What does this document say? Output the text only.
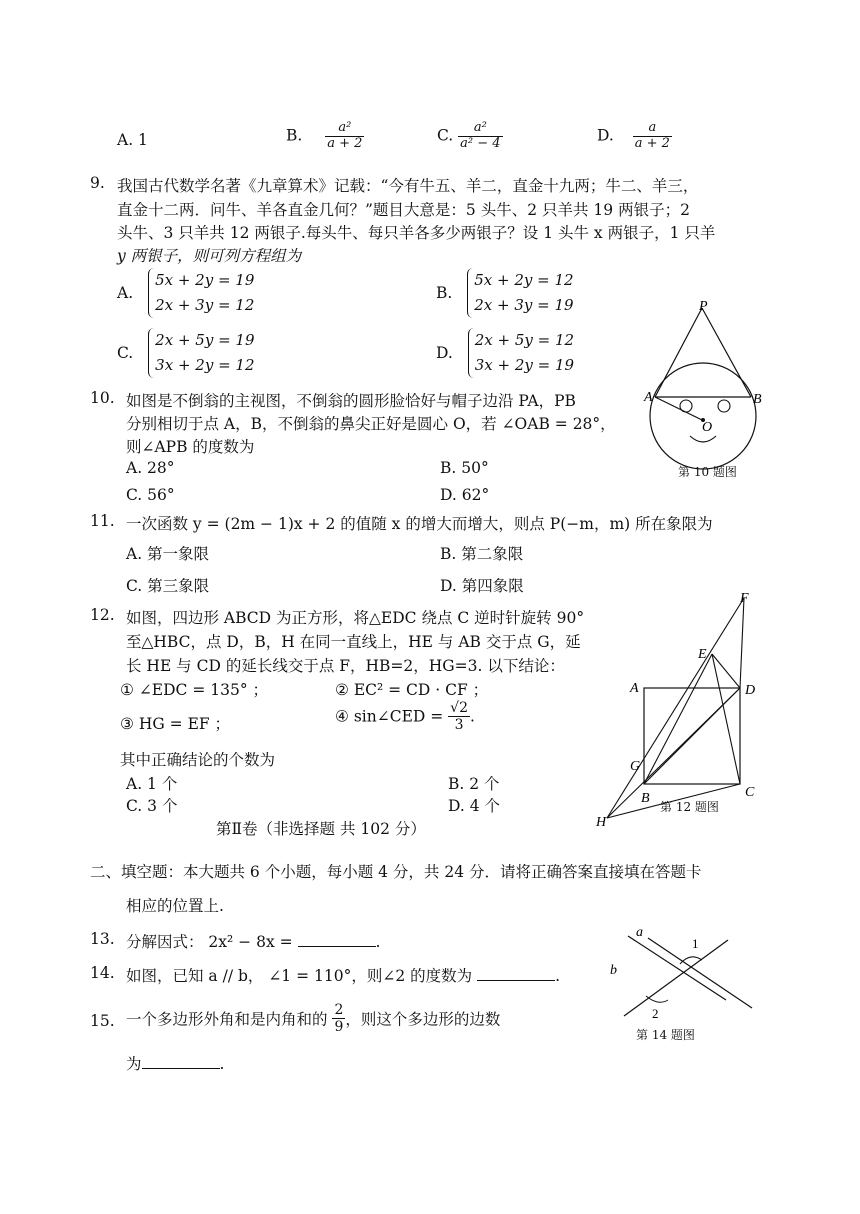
A. 1	B. $\frac{\text{a²}}{a + 2}$	C. $\frac{\text{a²}}{\text{a² − 4}}$	D. $\frac{a}{a + 2}$
9. 我国古代数学名著《九章算术》记载：“今有牛五、羊二，直金十九两；牛二、羊三，
直金十二两．问牛、羊各直金几何？”题目大意是：5 头牛、2 只羊共 19 两银子；2
头牛、3 只羊共 12 两银子.每头牛、每只羊各多少两银子？设 1 头牛 x 两银子，1 只羊
y 两银子，则可列方程组为
A. 5x + 2y = 19
2x + 3y = 12
B. 5x + 2y = 12
2x + 3y = 19
C. 2x + 5y = 19
3x + 2y = 12
D. 2x + 5y = 12
3x + 2y = 19
10. 如图是不倒翁的主视图，不倒翁的圆形脸恰好与帽子边沿 PA，PB
分别相切于点 A，B，不倒翁的鼻尖正好是圆心 O，若 ∠OAB = 28°，
则∠APB 的度数为
A. 28°	B. 50°
C. 56°	D. 62°
P
A	B
O
第 10 题图
11. 一次函数 y = (2m − 1)x + 2 的值随 x 的增大而增大，则点 P(−m，m) 所在象限为
A. 第一象限	B. 第二象限
C. 第三象限	D. 第四象限
12. 如图，四边形 ABCD 为正方形，将△EDC 绕点 C 逆时针旋转 90°
至△HBC，点 D，B，H 在同一直线上，HE 与 AB 交于点 G，延
长 HE 与 CD 的延长线交于点 F，HB=2，HG=3. 以下结论：
① ∠EDC = 135° ；	② EC² = CD · CF ；
③ HG = EF ；	④ sin∠CED = $\frac{√2}{3}$ .
其中正确结论的个数为
A. 1 个	B. 2 个
C. 3 个	D. 4 个
F
E
A	D
G
B	C
H
第 12 题图
第Ⅱ卷（非选择题 共 102 分）
二、填空题：本大题共 6 个小题，每小题 4 分，共 24 分．请将正确答案直接填在答题卡
相应的位置上.
13. 分解因式： 2x² − 8x =	.
14. 如图，已知 a // b， ∠1 = 110°，则∠2 的度数为	.
a
b
1
2
第 14 题图
15. 一个多边形外角和是内角和的 $\frac{2}{9}$ ，则这个多边形的边数
为	.
